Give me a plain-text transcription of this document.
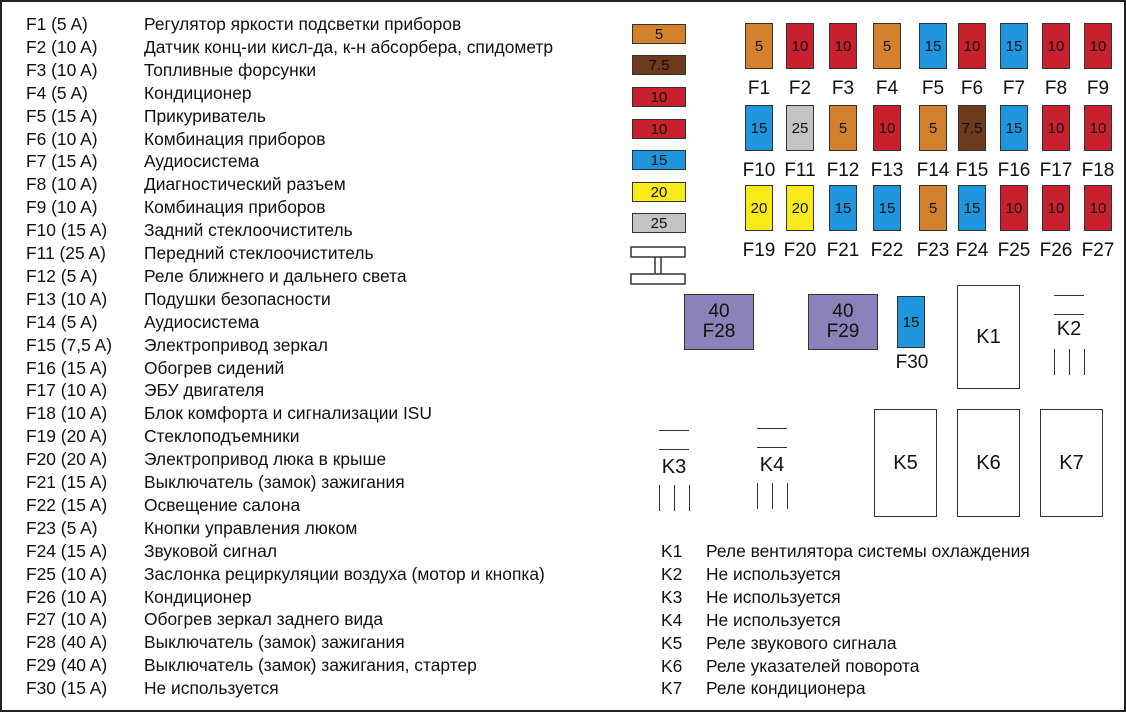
F1 (5 A)	Регулятор яркости подсветки приборов
F2 (10 A)	Датчик конц-ии кисл-да, к-н абсорбера, спидометр
F3 (10 A)	Топливные форсунки
F4 (5 A)	Кондиционер
F5 (15 A)	Прикуриватель
F6 (10 A)	Комбинация приборов
F7 (15 A)	Аудиосистема
F8 (10 A)	Диагностический разъем
F9 (10 A)	Комбинация приборов
F10 (15 A) Задний стеклоочиститель
F11 (25 A) Передний стеклоочиститель
F12 (5 A)	Реле ближнего и дальнего света
F13 (10 A) Подушки безопасности
F14 (5 A)	Аудиосистема
F15 (7,5 A) Электропривод зеркал
F16 (15 A) Обогрев сидений
F17 (10 A) ЭБУ двигателя
F18 (10 A) Блок комфорта и сигнализации ISU
F19 (20 A) Стеклоподъемники
F20 (20 A) Электропривод люка в крыше
F21 (15 A) Выключатель (замок) зажигания
F22 (15 A) Освещение салона
F23 (5 A)	Кнопки управления люком
F24 (15 A) Звуковой сигнал
F25 (10 A) Заслонка рециркуляции воздуха (мотор и кнопка)
F26 (10 A) Кондиционер
F27 (10 A) Обогрев зеркал заднего вида
F28 (40 A) Выключатель (замок) зажигания
F29 (40 A) Выключатель (замок) зажигания, стартер
F30 (15 A) Не используется
5
7.5
10
10
15
20
25
5
F1
10
F2
10
F3
5
F4
15
F5
10
F6
15
F7
10
F8
10
F9
15
F10
25
F11
5
F12
10
F13
5
F14
7.5
F15
15
F16
10
F17
10
F18
20
F19
20
F20
15
F21
15
F22
5
F23
15
F24
10
F25
10
F26
10
F27
40
F28
40
F29	15
F30
K1	K2
K3	K4	K5	K6	K7
K1 Реле вентилятора системы охлаждения
K2 Не используется
K3 Не используется
K4 Не используется
K5 Реле звукового сигнала
K6 Реле указателей поворота
K7 Реле кондиционера
